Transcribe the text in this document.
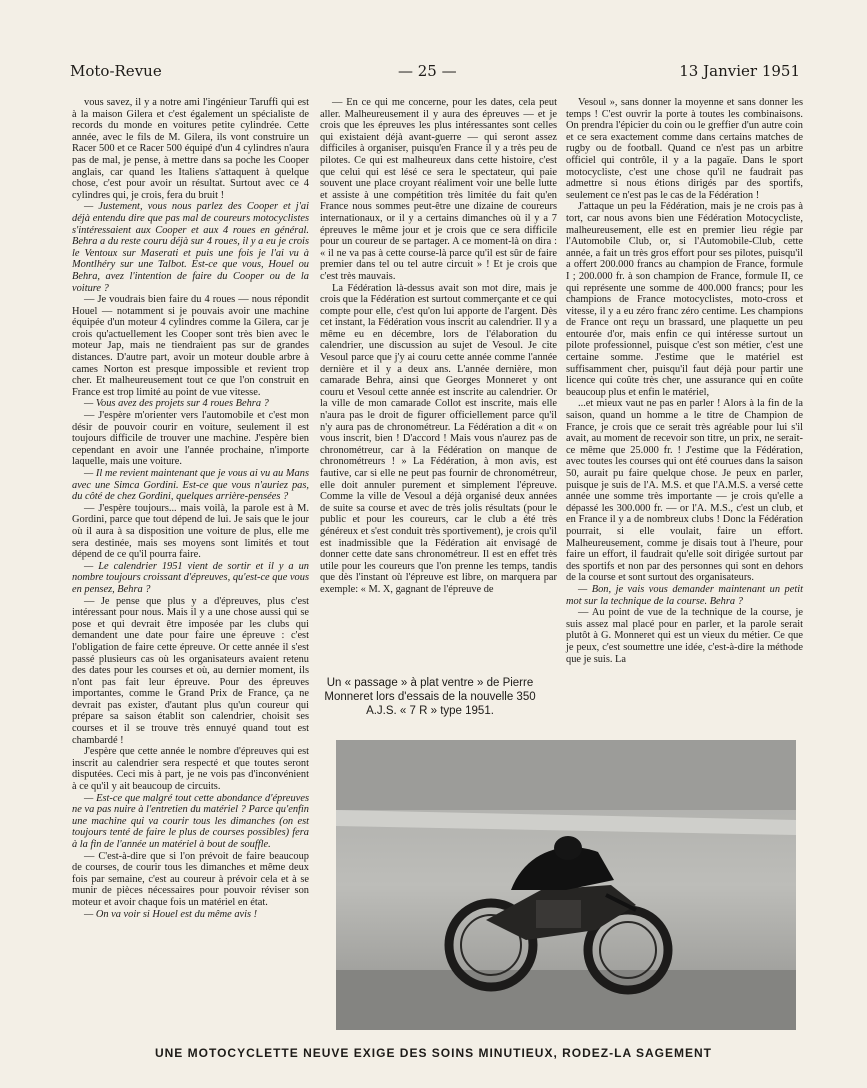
Moto-Revue	— 25 —	13 Janvier 1951

vous savez, il y a notre ami l'ingénieur Taruffi qui est à la maison Gilera et c'est également un spécialiste de records du monde en voitures petite cylindrée. Cette année, avec le fils de M. Gilera, ils vont construire un Racer 500 et ce Racer 500 équipé d'un 4 cylindres n'aura pas de mal, je pense, à mettre dans sa poche les Cooper anglais, car quand les Italiens s'attaquent à quelque chose, c'est pour avoir un résultat. Surtout avec ce 4 cylindres qui, je crois, fera du bruit !

— Justement, vous nous parlez des Cooper et j'ai déjà entendu dire que pas mal de coureurs motocyclistes s'intéressaient aux Cooper et aux 4 roues en général. Behra a du reste couru déjà sur 4 roues, il y a eu je crois le Ventoux sur Maserati et puis une fois je l'ai vu à Montlhéry sur une Talbot. Est-ce que vous, Houel ou Behra, avez l'intention de faire du Cooper ou de la voiture ?

— Je voudrais bien faire du 4 roues — nous répondit Houel — notamment si je pouvais avoir une machine équipée d'un moteur 4 cylindres comme la Gilera, car je crois qu'actuellement les Cooper sont très bien avec le moteur Jap, mais ne tiendraient pas sur de grandes distances. D'autre part, avoir un moteur double arbre à cames Norton est presque impossible et revient trop cher. Et malheureusement tout ce que l'on construit en France est trop limité au point de vue vitesse.

— Vous avez des projets sur 4 roues Behra ?

— J'espère m'orienter vers l'automobile et c'est mon désir de pouvoir courir en voiture, seulement il est toujours difficile de trouver une machine. J'espère bien cependant en avoir une l'année prochaine, n'importe laquelle, mais une voiture.

— Il me revient maintenant que je vous ai vu au Mans avec une Simca Gordini. Est-ce que vous n'auriez pas, du côté de chez Gordini, quelques arrière-pensées ?

— J'espère toujours... mais voilà, la parole est à M. Gordini, parce que tout dépend de lui. Je sais que le jour où il aura à sa disposition une voiture de plus, elle me sera destinée, mais ses moyens sont limités et tout dépend de ce qu'il pourra faire.

— Le calendrier 1951 vient de sortir et il y a un nombre toujours croissant d'épreuves, qu'est-ce que vous en pensez, Behra ?

— Je pense que plus y a d'épreuves, plus c'est intéressant pour nous. Mais il y a une chose aussi qui se pose et qui devrait être imposée par les clubs qui demandent une date pour faire une épreuve : c'est l'obligation de faire cette épreuve. Or cette année il s'est passé plusieurs cas où les organisateurs avaient retenu des dates pour les courses et où, au dernier moment, ils n'ont pas fait leur épreuve. Pour des épreuves importantes, comme le Grand Prix de France, ça ne devrait pas exister, d'autant plus qu'un coureur qui prépare sa saison établit son calendrier, choisit ses courses et il se trouve très ennuyé quand tout est chambardé !

J'espère que cette année le nombre d'épreuves qui est inscrit au calendrier sera respecté et que toutes seront disputées. Ceci mis à part, je ne vois pas d'inconvénient à ce qu'il y ait beaucoup de circuits.

— Est-ce que malgré tout cette abondance d'épreuves ne va pas nuire à l'entretien du matériel ? Parce qu'enfin une machine qui va courir tous les dimanches (on est toujours tenté de faire le plus de courses possibles) fera à la fin de l'année un matériel à bout de souffle.

— C'est-à-dire que si l'on prévoit de faire beaucoup de courses, de courir tous les dimanches et même deux fois par semaine, c'est au coureur à prévoir cela et à se munir de pièces nécessaires pour pouvoir réviser son moteur et avoir chaque fois un matériel en état.

— On va voir si Houel est du même avis !

— En ce qui me concerne, pour les dates, cela peut aller. Malheureusement il y aura des épreuves — et je crois que les épreuves les plus intéressantes sont celles qui existaient déjà avant-guerre — qui seront assez difficiles à organiser, puisqu'en France il y a très peu de pilotes. Ce qui est malheureux dans cette histoire, c'est que celui qui est lésé ce sera le spectateur, qui paie souvent une place croyant réaliment voir une belle lutte et assiste à une compétition très limitée du fait qu'en France nous sommes peut-être une dizaine de coureurs internationaux, or il y a certains dimanches où il y a 7 épreuves le même jour et je crois que ce sera difficile pour un coureur de se partager. A ce moment-là on dira : « il ne va pas à cette course-là parce qu'il est sûr de faire premier dans tel ou tel autre circuit » ! Et je crois que c'est très mauvais.

La Fédération là-dessus avait son mot dire, mais je crois que la Fédération est surtout commerçante et ce qui compte pour elle, c'est qu'on lui apporte de l'argent. Dès cet instant, la Fédération vous inscrit au calendrier. Il y a même eu en décembre, lors de l'élaboration du calendrier, une discussion au sujet de Vesoul. Je cite Vesoul parce que j'y ai couru cette année comme l'année dernière et il y a deux ans. L'année dernière, mon camarade Behra, ainsi que Georges Monneret y ont couru et Vesoul cette année est inscrite au calendrier. Or la ville de mon camarade Collot est inscrite, mais elle n'aura pas le droit de figurer officiellement parce qu'il n'y aura pas de chronométreur. La Fédération a dit « on vous inscrit, bien ! D'accord ! Mais vous n'aurez pas de chronométreur, car à la Fédération on manque de chronométreurs ! » La Fédération, à mon avis, est fautive, car si elle ne peut pas fournir de chronométreur, elle doit annuler purement et simplement l'épreuve. Comme la ville de Vesoul a déjà organisé deux années de suite sa course et avec de très jolis résultats (pour le public et pour les coureurs, car le club a été très généreux et s'est conduit très sportivement), je crois qu'il est inadmissible que la Fédération ait envisagé de donner cette date sans chronométreur. Il est en effet très utile pour les coureurs que l'on prenne les temps, tandis que dès l'instant où l'épreuve est libre, on marquera par exemple: « M. X, gagnant de l'épreuve de

Vesoul », sans donner la moyenne et sans donner les temps ! C'est ouvrir la porte à toutes les combinaisons. On prendra l'épicier du coin ou le greffier d'un autre coin et ce sera exactement comme dans certains matches de rugby ou de football. Quand ce n'est pas un arbitre officiel qui contrôle, il y a la pagaïe. Dans le sport motocycliste, c'est une chose qu'il ne faudrait pas admettre si nous étions dirigés par des sportifs, seulement ce n'est pas le cas de la Fédération !

J'attaque un peu la Fédération, mais je ne crois pas à tort, car nous avons bien une Fédération Motocycliste, malheureusement, elle est en premier lieu régie par l'Automobile Club, or, si l'Automobile-Club, cette année, a fait un très gros effort pour ses pilotes, puisqu'il a offert 200.000 francs au champion de France, formule I ; 200.000 fr. à son champion de France, formule II, ce qui représente une somme de 400.000 francs; pour les champions de France motocyclistes, moto-cross et vitesse, il y a eu zéro franc zéro centime. Les champions de France ont reçu un brassard, une plaquette un peu entourée d'or, mais enfin ce qui intéresse surtout un pilote professionnel, puisque c'est son métier, c'est une certaine somme. J'estime que le matériel est suffisamment cher, puisqu'il faut déjà pour partir une licence qui coûte très cher, une assurance qui en coûte beaucoup plus et enfin le matériel,

...et mieux vaut ne pas en parler ! Alors à la fin de la saison, quand un homme a le titre de Champion de France, je crois que ce serait très agréable pour lui s'il avait, au moment de recevoir son titre, un prix, ne serait-ce même que 25.000 fr. ! J'estime que la Fédération, avec toutes les courses qui ont été courues dans la saison 50, aurait pu faire quelque chose. Je peux en parler, puisque je suis de l'A. M.S. et que l'A.M.S. a versé cette année une somme très importante — je crois qu'elle a dépassé les 300.000 fr. — or l'A. M.S., c'est un club, et en France il y a de nombreux clubs ! Donc la Fédération pourrait, si elle voulait, faire un effort. Malheureusement, comme je disais tout à l'heure, pour faire un effort, il faudrait qu'elle soit dirigée surtout par des sportifs et non par des personnes qui sont en dehors de la course et sont surtout des organisateurs.

— Bon, je vais vous demander maintenant un petit mot sur la technique de la course. Behra ?

— Au point de vue de la technique de la course, je suis assez mal placé pour en parler, et la parole serait plutôt à G. Monneret qui est un vieux du métier. Ce que je peux, c'est soumettre une idée, c'est-à-dire la méthode que je suis. La

Un « passage » à plat ventre » de Pierre Monneret lors d'essais de la nouvelle 350 A.J.S. « 7 R » type 1951.
UNE MOTOCYCLETTE NEUVE EXIGE DES SOINS MINUTIEUX, RODEZ-LA SAGEMENT
